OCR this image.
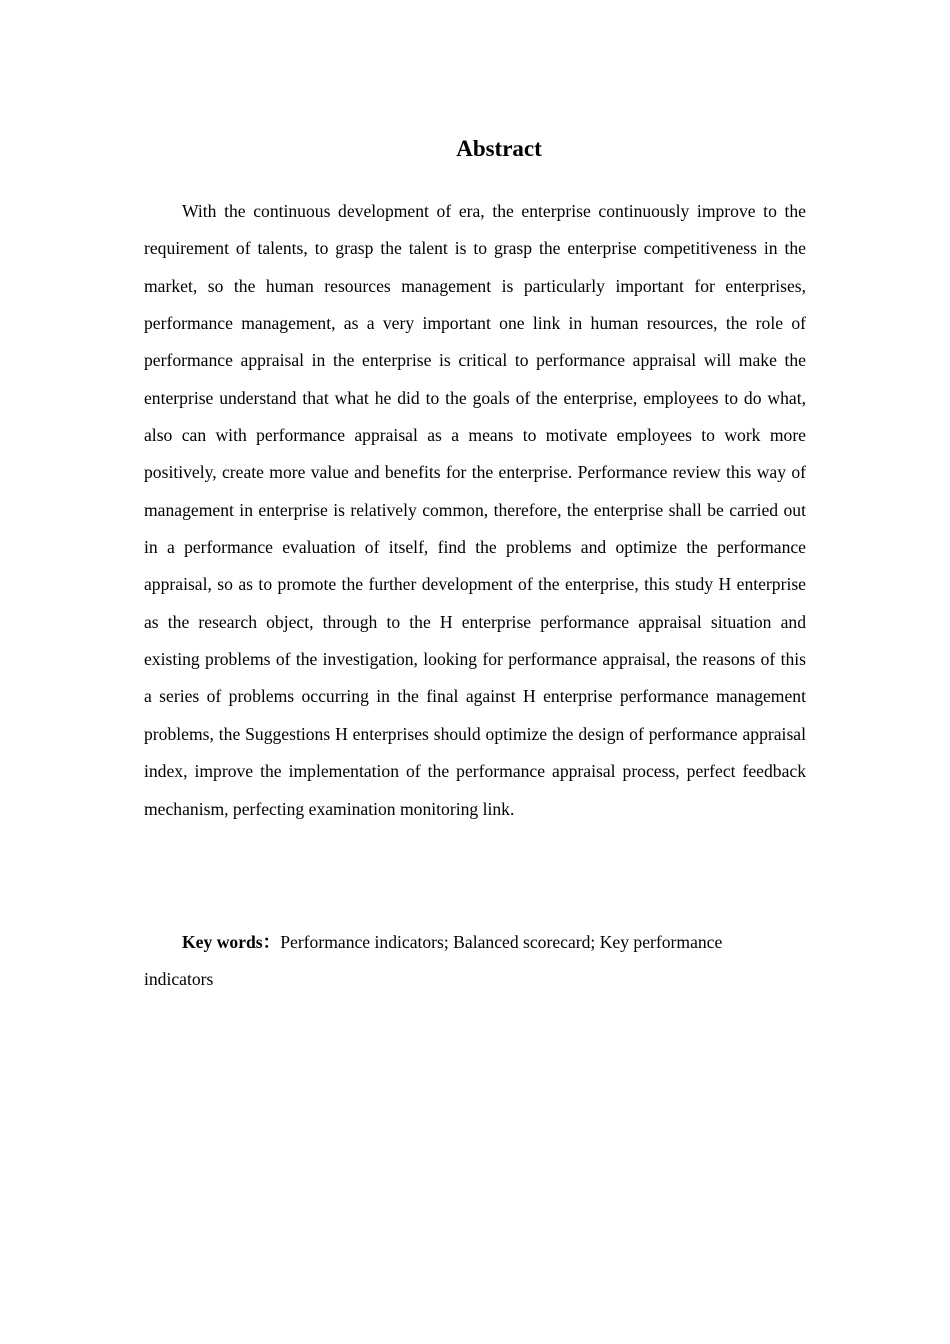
Abstract

With the continuous development of era, the enterprise continuously improve to the requirement of talents, to grasp the talent is to grasp the enterprise competitiveness in the market, so the human resources management is particularly important for enterprises, performance management, as a very important one link in human resources, the role of performance appraisal in the enterprise is critical to performance appraisal will make the enterprise understand that what he did to the goals of the enterprise, employees to do what, also can with performance appraisal as a means to motivate employees to work more positively, create more value and benefits for the enterprise. Performance review this way of management in enterprise is relatively common, therefore, the enterprise shall be carried out in a performance evaluation of itself, find the problems and optimize the performance appraisal, so as to promote the further development of the enterprise, this study H enterprise as the research object, through to the H enterprise performance appraisal situation and existing problems of the investigation, looking for performance appraisal, the reasons of this a series of problems occurring in the final against H enterprise performance management problems, the Suggestions H enterprises should optimize the design of performance appraisal index, improve the implementation of the performance appraisal process, perfect feedback mechanism, perfecting examination monitoring link.

Key words：Performance indicators; Balanced scorecard; Key performance indicators
